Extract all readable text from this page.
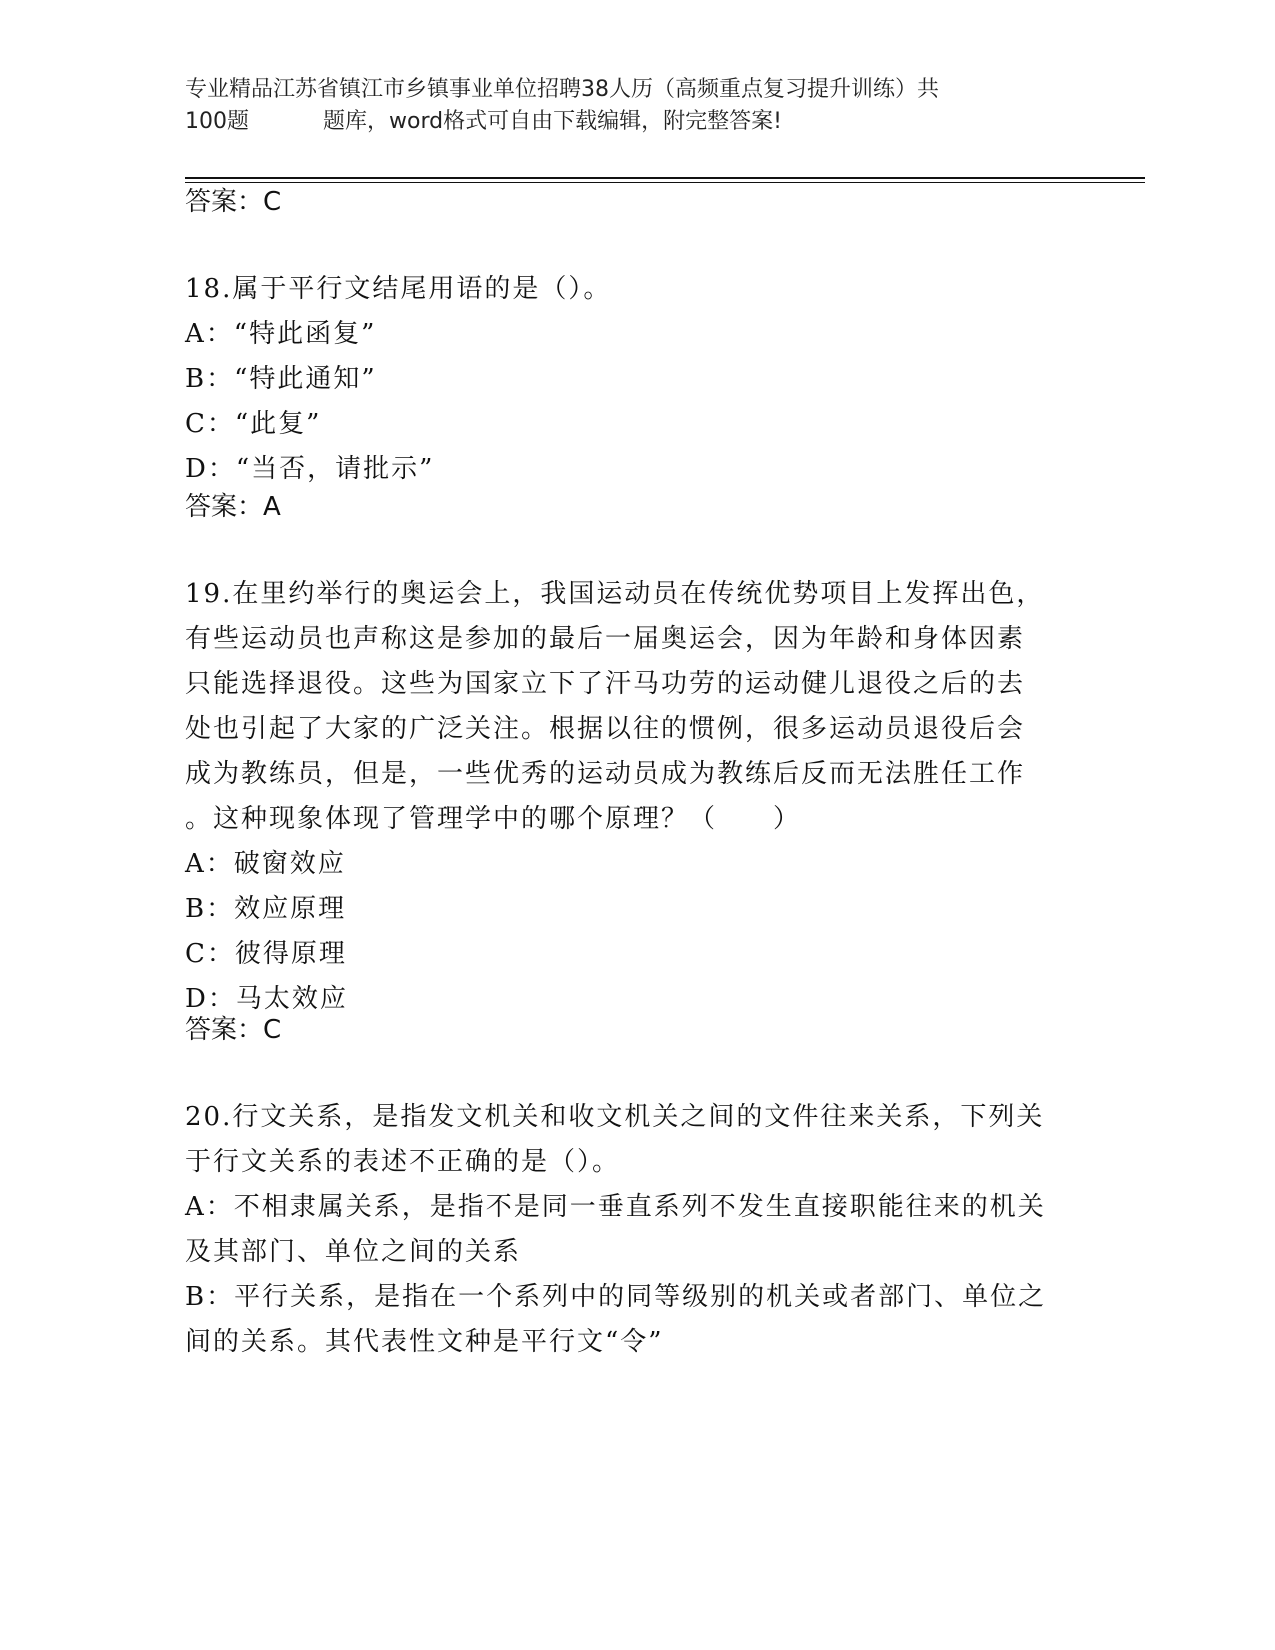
专业精品江苏省镇江市乡镇事业单位招聘38人历（高频重点复习提升训练）共
100题	题库，word格式可自由下载编辑，附完整答案!
答案：C
18.属于平行文结尾用语的是（）。
A：“特此函复”
B：“特此通知”
C：“此复”
D：“当否，请批示”
答案：A
19.在里约举行的奥运会上，我国运动员在传统优势项目上发挥出色，
有些运动员也声称这是参加的最后一届奥运会，因为年龄和身体因素
只能选择退役。这些为国家立下了汗马功劳的运动健儿退役之后的去
处也引起了大家的广泛关注。根据以往的惯例，很多运动员退役后会
成为教练员，但是，一些优秀的运动员成为教练后反而无法胜任工作
。这种现象体现了管理学中的哪个原理？（　　）
A：破窗效应
B：效应原理
C：彼得原理
D：马太效应
答案：C
20.行文关系，是指发文机关和收文机关之间的文件往来关系，下列关
于行文关系的表述不正确的是（）。
A：不相隶属关系，是指不是同一垂直系列不发生直接职能往来的机关
及其部门、单位之间的关系
B：平行关系，是指在一个系列中的同等级别的机关或者部门、单位之
间的关系。其代表性文种是平行文“令”
